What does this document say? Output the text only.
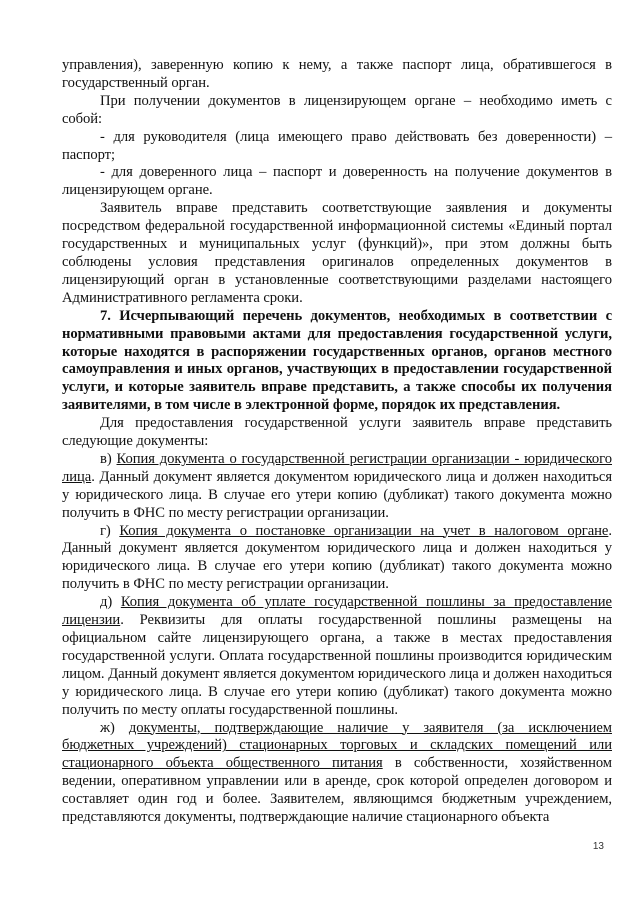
управления), заверенную копию к нему, а также паспорт лица, обратившегося в государственный орган.

При получении документов в лицензирующем органе – необходимо иметь с собой:

- для руководителя (лица имеющего право действовать без доверенности) – паспорт;

- для доверенного лица – паспорт и доверенность на получение документов в лицензирующем органе.

Заявитель вправе представить соответствующие заявления и документы посредством федеральной государственной информационной системы «Единый портал государственных и муниципальных услуг (функций)», при этом должны быть соблюдены условия представления оригиналов определенных документов в лицензирующий орган в установленные соответствующими разделами настоящего Административного регламента сроки.

7. Исчерпывающий перечень документов, необходимых в соответствии с нормативными правовыми актами для предоставления государственной услуги, которые находятся в распоряжении государственных органов, органов местного самоуправления и иных органов, участвующих в предоставлении государственной услуги, и которые заявитель вправе представить, а также способы их получения заявителями, в том числе в электронной форме, порядок их представления.

Для предоставления государственной услуги заявитель вправе представить следующие документы:

в) Копия документа о государственной регистрации организации - юридического лица. Данный документ является документом юридического лица и должен находиться у юридического лица. В случае его утери копию (дубликат) такого документа можно получить в ФНС по месту регистрации организации.

г) Копия документа о постановке организации на учет в налоговом органе. Данный документ является документом юридического лица и должен находиться у юридического лица. В случае его утери копию (дубликат) такого документа можно получить в ФНС по месту регистрации организации.

д) Копия документа об уплате государственной пошлины за предоставление лицензии. Реквизиты для оплаты государственной пошлины размещены на официальном сайте лицензирующего органа, а также в местах предоставления государственной услуги. Оплата государственной пошлины производится юридическим лицом. Данный документ является документом юридического лица и должен находиться у юридического лица. В случае его утери копию (дубликат) такого документа можно получить по месту оплаты государственной пошлины.

ж) документы, подтверждающие наличие у заявителя (за исключением бюджетных учреждений) стационарных торговых и складских помещений или стационарного объекта общественного питания в собственности, хозяйственном ведении, оперативном управлении или в аренде, срок которой определен договором и составляет один год и более. Заявителем, являющимся бюджетным учреждением, представляются документы, подтверждающие наличие стационарного объекта

13
